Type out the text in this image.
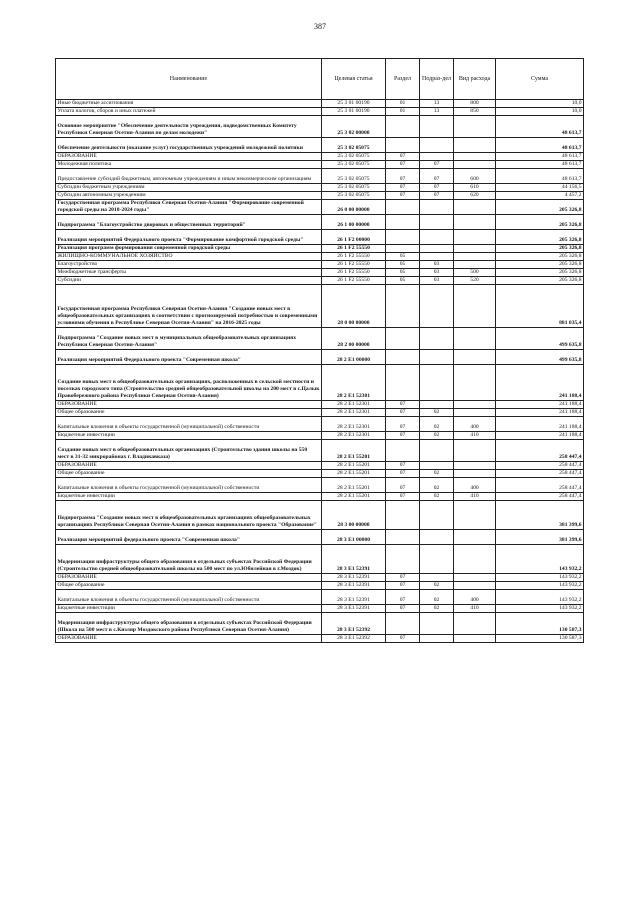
387
Наименование	Целевая статья	Раздел	Подраз-дел	Вид расхода	Сумма
Иные бюджетные ассигнования	25 3 01 00190	01	13	800	10,0
Уплата налогов, сборов и иных платежей	25 3 01 00190	01	13	850	10,0
Основное мероприятие "Обеспечение деятельности учреждения, подведомственных Комитету Республики Северная Осетия-Алания по делам молодежи"	25 3 02 00000				48 613,7
Обеспечение деятельности (оказание услуг) государственных учреждений молодежной политики	25 3 02 05075				48 613,7
ОБРАЗОВАНИЕ	25 3 02 05075	07			48 613,7
Молодежная политика	25 3 02 05075	07	07		48 613,7
Предоставление субсидий бюджетным, автономным учреждениям и иным некоммерческим организациям	25 3 02 05075	07	07	600	48 613,7
Субсидии бюджетным учреждениям	25 3 02 05075	07	07	610	44 156,5
Субсидии автономным учреждениям	25 3 02 05075	07	07	620	4 457,2
Государственная программа Республики Северная Осетия-Алания "Формирование современной городской среды на 2018-2024 годы"	26 0 00 00000				205 326,8
Подпрограмма "Благоустройство дворовых и общественных территорий"	26 1 00 00000				205 326,8
Реализация мероприятий Федерального проекта "Формирование комфортной городской среды"	26 1 F2 00000				205 326,8
Реализация программ формирования современной городской среды	26 1 F2 55550				205 326,8
ЖИЛИЩНО-КОММУНАЛЬНОЕ ХОЗЯЙСТВО	26 1 F2 55550	05			205 326,8
Благоустройство	26 1 F2 55550	05	03		205 326,8
Межбюджетные трансферты	26 1 F2 55550	05	03	500	205 326,8
Субсидии	26 1 F2 55550	05	03	520	205 326,8
Государственная программа Республики Северная Осетия-Алания "Создание новых мест в общеобразовательных организациях в соответствии с прогнозируемой потребностью и современными условиями обучения в Республике Северная Осетия-Алания" на 2016-2025 годы	28 0 00 00000				881 035,4
Подпрограмма "Создание новых мест в муниципальных общеобразовательных организациях Республики Северная Осетия-Алания"	28 2 00 00000				499 635,8
Реализация мероприятий Федерального проекта "Современная школа"	28 2 E1 00000				499 635,8
Создание новых мест в общеобразовательных организациях, расположенных в сельской местности и поселках городского типа (Строительство средней общеобразовательной школы на 200 мест в с.Цалык Правобережного района Республики Северная Осетия-Алания)	28 2 E1 52301				241 188,4
ОБРАЗОВАНИЕ	28 2 E1 52301	07			241 188,4
Общее образование	28 2 E1 52301	07	02		241 188,4
Капитальные вложения в объекты государственной (муниципальной) собственности	28 2 E1 52301	07	02	400	241 188,4
Бюджетные инвестиции	28 2 E1 52301	07	02	410	241 188,4
Создание новых мест в общеобразовательных организациях (Строительство здания школы на 550 мест в 31-32 микрорайонах г. Владикавказа)	28 2 E1 55201				258 447,4
ОБРАЗОВАНИЕ	28 2 E1 55201	07			258 447,4
Общее образование	28 2 E1 55201	07	02		258 447,4
Капитальные вложения в объекты государственной (муниципальной) собственности	28 2 E1 55201	07	02	400	258 447,4
Бюджетные инвестиции	28 2 E1 55201	07	02	410	258 447,4
Подпрограмма "Создание новых мест в общеобразовательных организациях общеобразовательных организациях Республики Северная Осетия-Алания в рамках национального проекта "Образование"	28 3 00 00000				381 399,6
Реализация мероприятий федерального проекта "Современная школа"	28 3 E1 00000				381 399,6
Модернизация инфраструктуры общего образования в отдельных субъектах Российской Федерации (Строительство средней общеобразовательной школы на 500 мест по ул.Юбилейная в г.Моздок)	28 3 E1 52391				143 932,2
ОБРАЗОВАНИЕ	28 3 E1 52391	07			143 932,2
Общее образование	28 3 E1 52391	07	02		143 932,2
Капитальные вложения в объекты государственной (муниципальной) собственности	28 3 E1 52391	07	02	400	143 932,2
Бюджетные инвестиции	28 3 E1 52391	07	02	410	143 932,2
Модернизация инфраструктуры общего образования в отдельных субъектах Российской Федерации (Школа на 500 мест в с.Кизляр Моздокского района Республики Северная Осетия-Алания)	28 3 E1 52392				130 587,3
ОБРАЗОВАНИЕ	28 3 E1 52392	07			130 587,3
